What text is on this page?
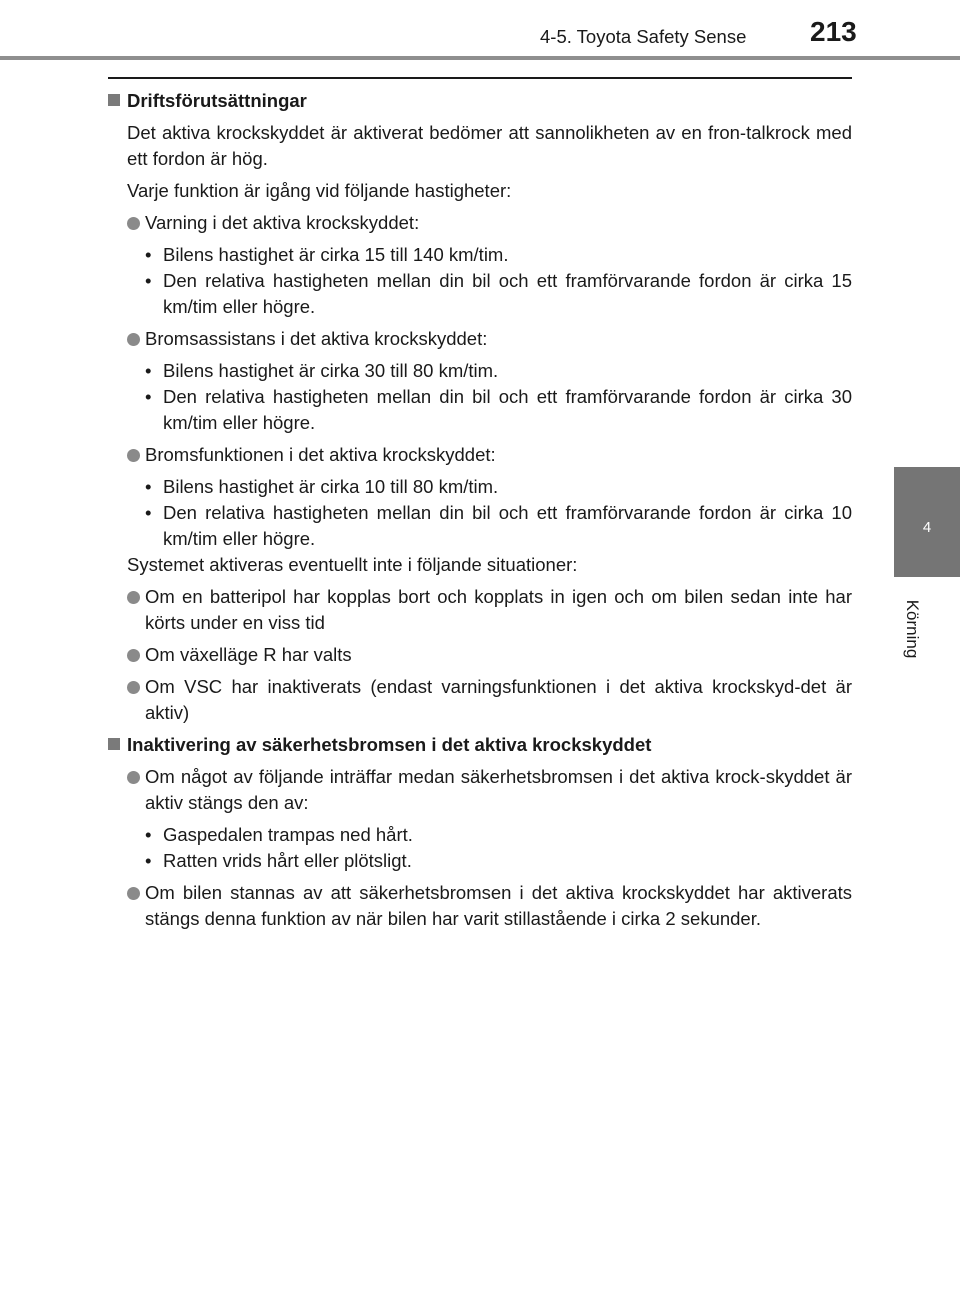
4-5. Toyota Safety Sense	213
4
Körning
Driftsförutsättningar
Det aktiva krockskyddet är aktiverat bedömer att sannolikheten av en fron-talkrock med ett fordon är hög.
Varje funktion är igång vid följande hastigheter:
Varning i det aktiva krockskyddet:
• Bilens hastighet är cirka 15 till 140 km/tim.
• Den relativa hastigheten mellan din bil och ett framförvarande fordon är cirka 15 km/tim eller högre.
Bromsassistans i det aktiva krockskyddet:
• Bilens hastighet är cirka 30 till 80 km/tim.
• Den relativa hastigheten mellan din bil och ett framförvarande fordon är cirka 30 km/tim eller högre.
Bromsfunktionen i det aktiva krockskyddet:
• Bilens hastighet är cirka 10 till 80 km/tim.
• Den relativa hastigheten mellan din bil och ett framförvarande fordon är cirka 10 km/tim eller högre.
Systemet aktiveras eventuellt inte i följande situationer:
Om en batteripol har kopplas bort och kopplats in igen och om bilen sedan inte har körts under en viss tid
Om växelläge R har valts
Om VSC har inaktiverats (endast varningsfunktionen i det aktiva krockskyd-det är aktiv)
Inaktivering av säkerhetsbromsen i det aktiva krockskyddet
Om något av följande inträffar medan säkerhetsbromsen i det aktiva krock-skyddet är aktiv stängs den av:
• Gaspedalen trampas ned hårt.
• Ratten vrids hårt eller plötsligt.
Om bilen stannas av att säkerhetsbromsen i det aktiva krockskyddet har aktiverats stängs denna funktion av när bilen har varit stillastående i cirka 2 sekunder.
